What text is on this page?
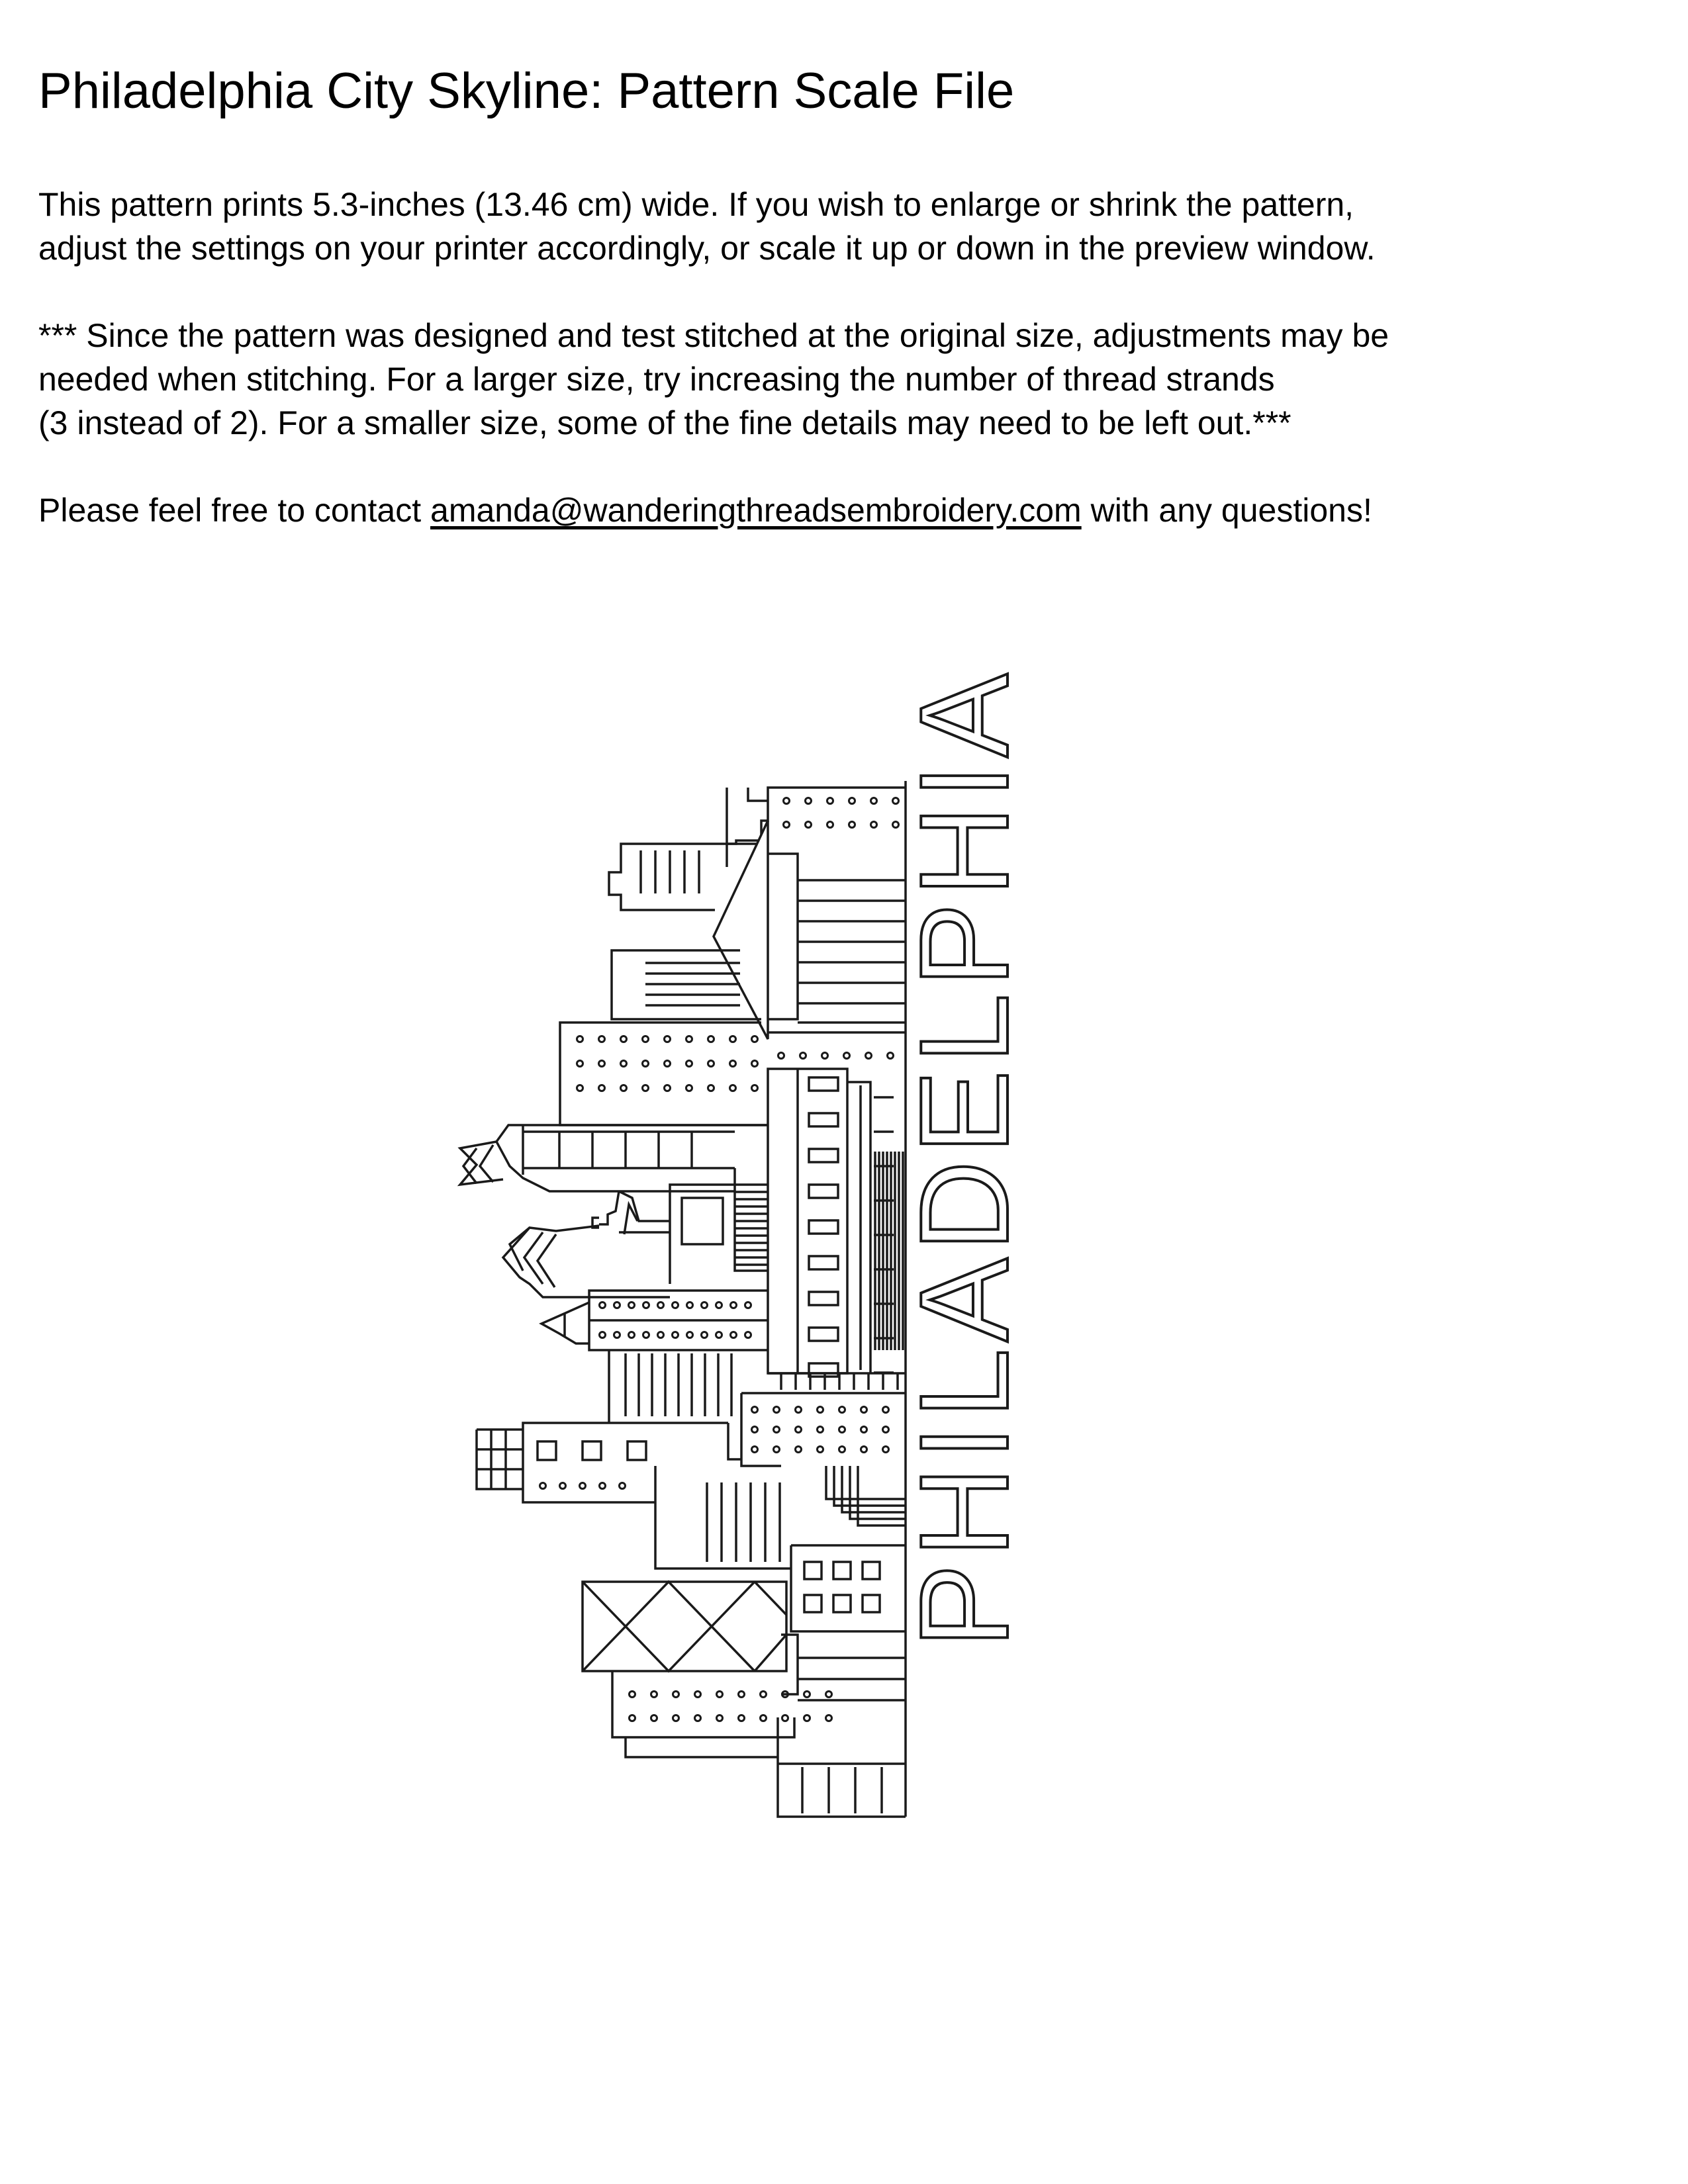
Philadelphia City Skyline: Pattern Scale File

This pattern prints 5.3-inches (13.46 cm) wide. If you wish to enlarge or shrink the pattern,
adjust the settings on your printer accordingly, or scale it up or down in the preview window.

*** Since the pattern was designed and test stitched at the original size, adjustments may be
needed when stitching. For a larger size, try increasing the number of thread strands
(3 instead of 2). For a smaller size, some of the fine details may need to be left out.***

Please feel free to contact amanda@wanderingthreadsembroidery.com with any questions!

PHILADELPHIA
